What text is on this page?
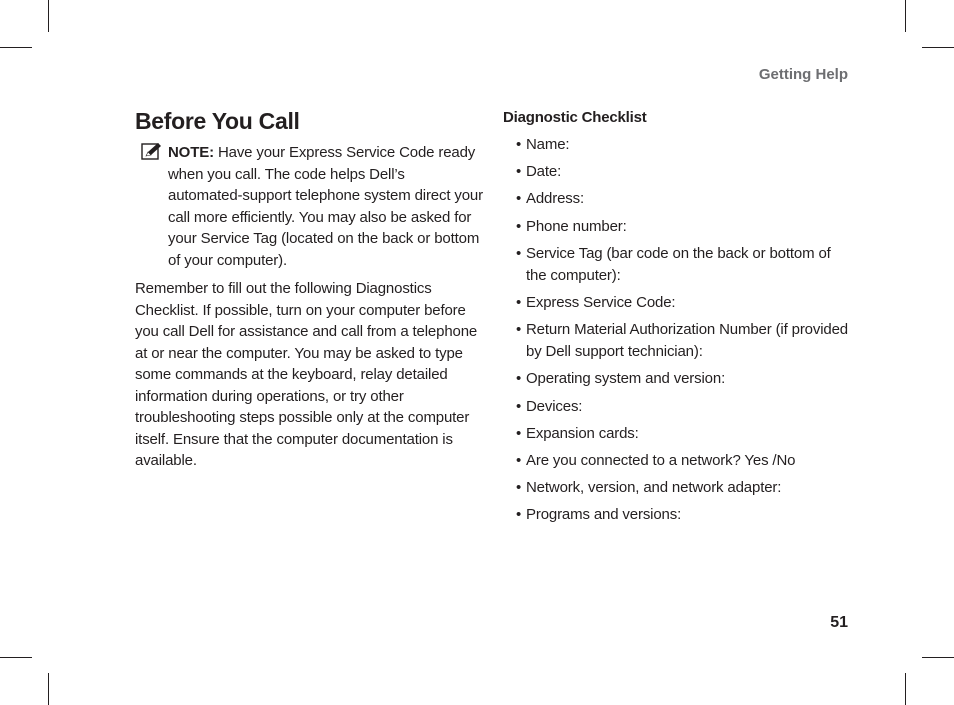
Getting Help
Before You Call

NOTE: Have your Express Service Code ready when you call. The code helps Dell’s automated-support telephone system direct your call more efficiently. You may also be asked for your Service Tag (located on the back or bottom of your computer).

Remember to fill out the following Diagnostics Checklist. If possible, turn on your computer before you call Dell for assistance and call from a telephone at or near the computer. You may be asked to type some commands at the keyboard, relay detailed information during operations, or try other troubleshooting steps possible only at the computer itself. Ensure that the computer documentation is available.

Diagnostic Checklist
• Name:
• Date:
• Address:
• Phone number:
• Service Tag (bar code on the back or bottom of the computer):
• Express Service Code:
• Return Material Authorization Number (if provided by Dell support technician):
• Operating system and version:
• Devices:
• Expansion cards:
• Are you connected to a network? Yes /No
• Network, version, and network adapter:
• Programs and versions:
51
